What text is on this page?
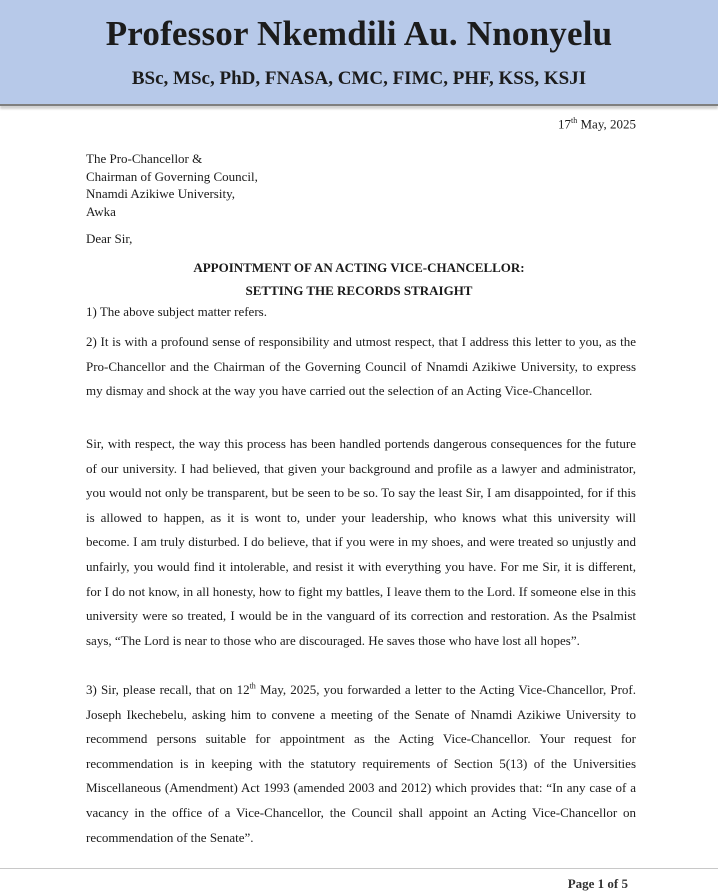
Professor Nkemdili Au. Nnonyelu
BSc, MSc, PhD, FNASA, CMC, FIMC, PHF, KSS, KSJI
17th May, 2025
The Pro-Chancellor &
Chairman of Governing Council,
Nnamdi Azikiwe University,
Awka
Dear Sir,
APPOINTMENT OF AN ACTING VICE-CHANCELLOR:
SETTING THE RECORDS STRAIGHT
1) The above subject matter refers.
2) It is with a profound sense of responsibility and utmost respect, that I address this letter to you, as the Pro-Chancellor and the Chairman of the Governing Council of Nnamdi Azikiwe University, to express my dismay and shock at the way you have carried out the selection of an Acting Vice-Chancellor.
Sir, with respect, the way this process has been handled portends dangerous consequences for the future of our university. I had believed, that given your background and profile as a lawyer and administrator, you would not only be transparent, but be seen to be so. To say the least Sir, I am disappointed, for if this is allowed to happen, as it is wont to, under your leadership, who knows what this university will become. I am truly disturbed. I do believe, that if you were in my shoes, and were treated so unjustly and unfairly, you would find it intolerable, and resist it with everything you have. For me Sir, it is different, for I do not know, in all honesty, how to fight my battles, I leave them to the Lord. If someone else in this university were so treated, I would be in the vanguard of its correction and restoration. As the Psalmist says, “The Lord is near to those who are discouraged. He saves those who have lost all hopes”.
3) Sir, please recall, that on 12th May, 2025, you forwarded a letter to the Acting Vice-Chancellor, Prof. Joseph Ikechebelu, asking him to convene a meeting of the Senate of Nnamdi Azikiwe University to recommend persons suitable for appointment as the Acting Vice-Chancellor. Your request for recommendation is in keeping with the statutory requirements of Section 5(13) of the Universities Miscellaneous (Amendment) Act 1993 (amended 2003 and 2012) which provides that: “In any case of a vacancy in the office of a Vice-Chancellor, the Council shall appoint an Acting Vice-Chancellor on recommendation of the Senate”.
Page 1 of 5
